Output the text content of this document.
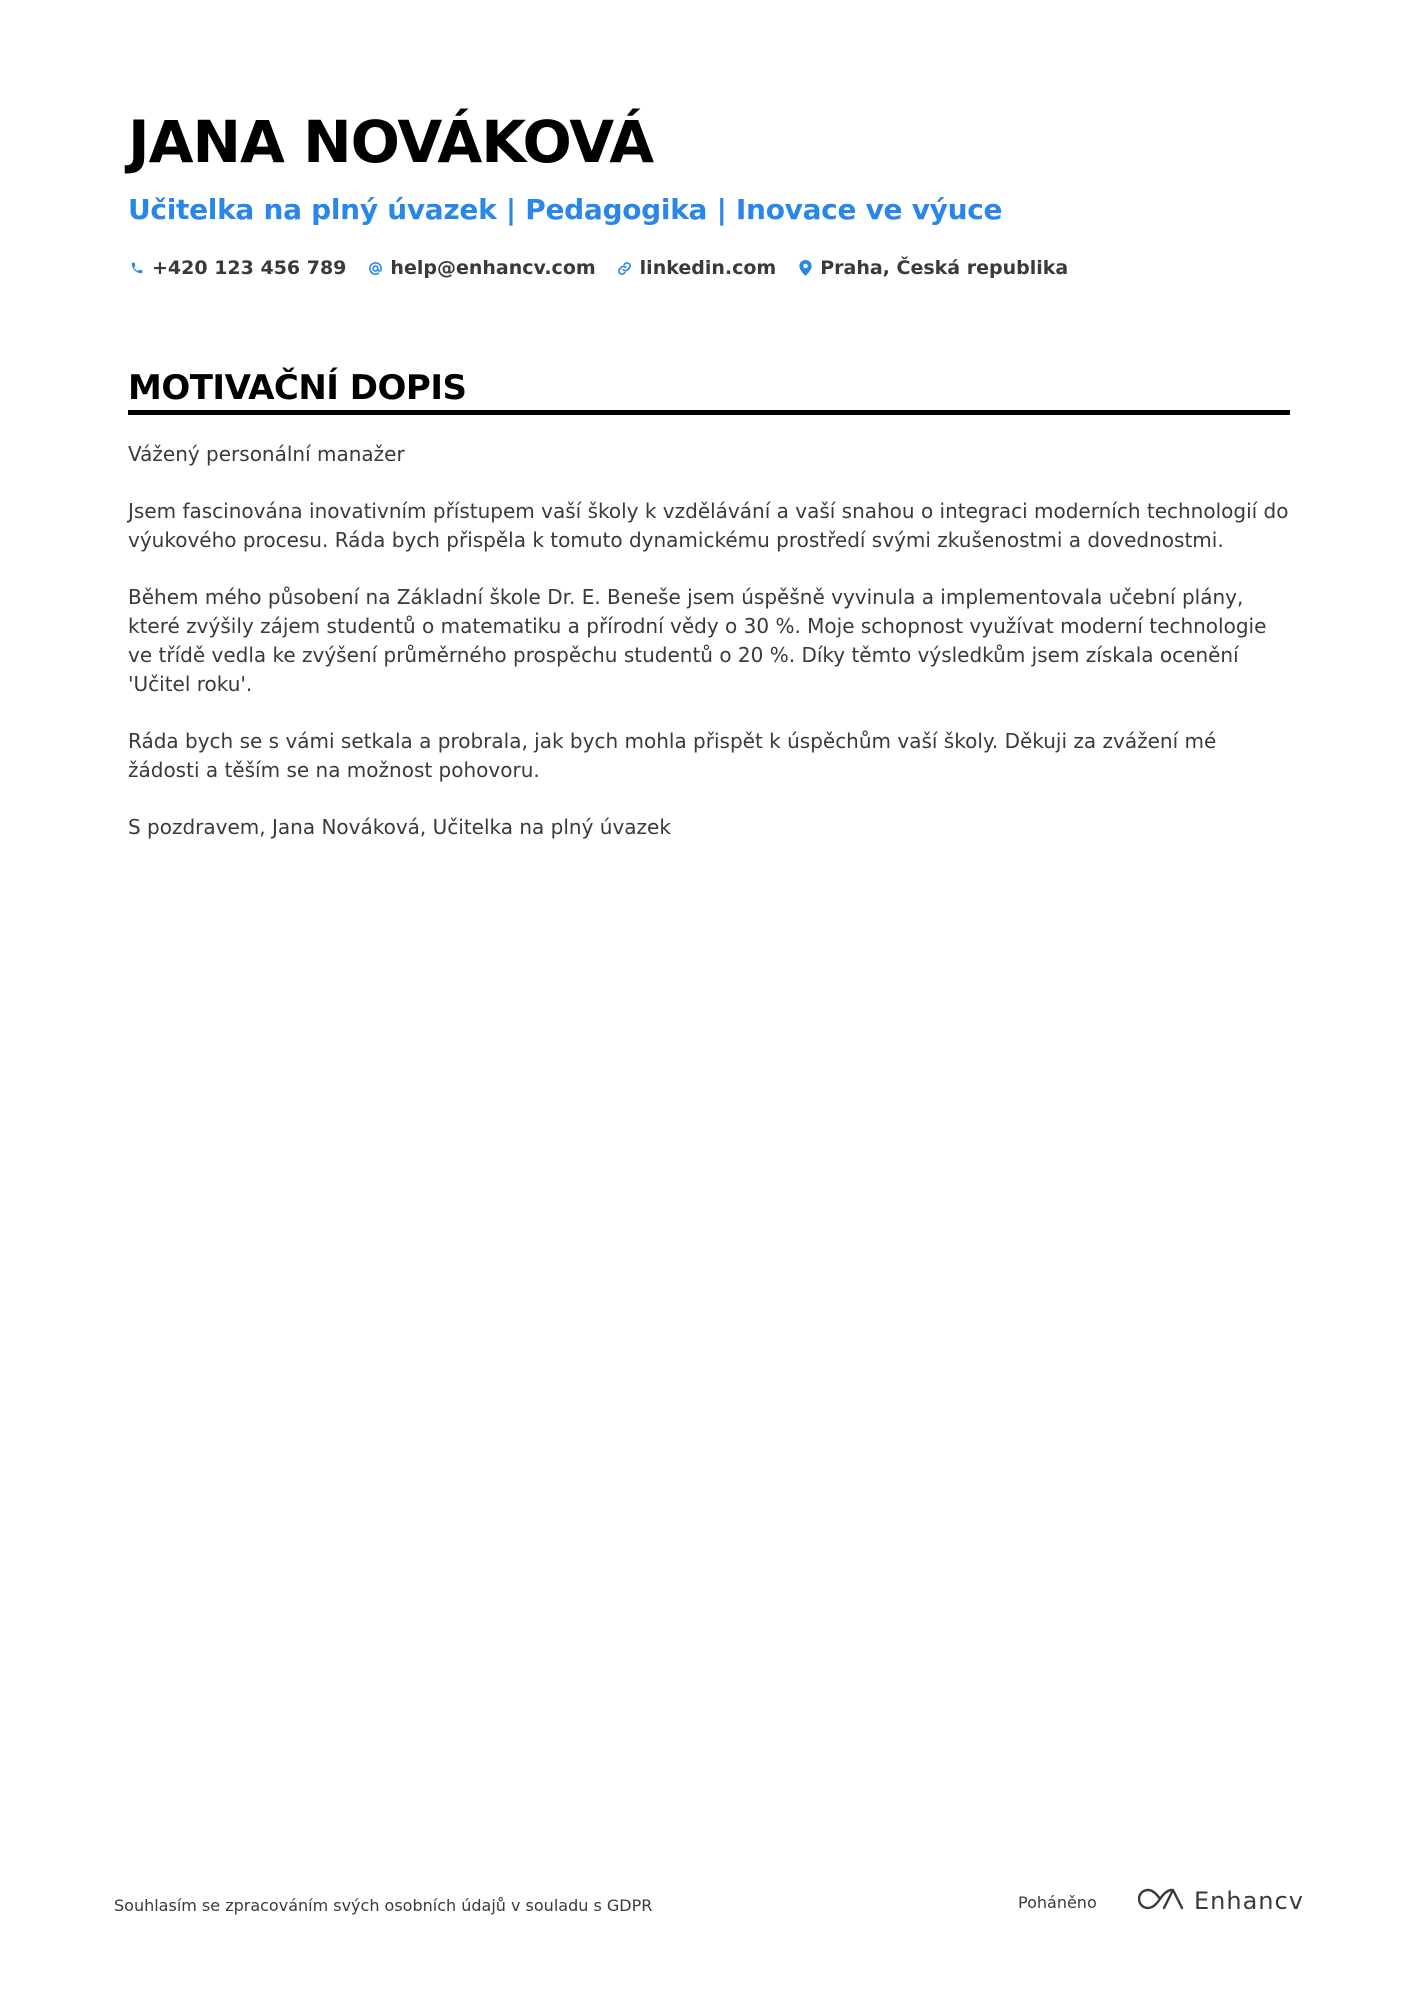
JANA NOVÁKOVÁ
Učitelka na plný úvazek | Pedagogika | Inovace ve výuce
+420 123 456 789 help@enhancv.com linkedin.com Praha, Česká republika
MOTIVAČNÍ DOPIS

Vážený personální manažer

Jsem fascinována inovativním přístupem vaší školy k vzdělávání a vaší snahou o integraci moderních technologií do výukového procesu. Ráda bych přispěla k tomuto dynamickému prostředí svými zkušenostmi a dovednostmi.

Během mého působení na Základní škole Dr. E. Beneše jsem úspěšně vyvinula a implementovala učební plány, které zvýšily zájem studentů o matematiku a přírodní vědy o 30 %. Moje schopnost využívat moderní technologie ve třídě vedla ke zvýšení průměrného prospěchu studentů o 20 %. Díky těmto výsledkům jsem získala ocenění 'Učitel roku'.

Ráda bych se s vámi setkala a probrala, jak bych mohla přispět k úspěchům vaší školy. Děkuji za zvážení mé žádosti a těším se na možnost pohovoru.

S pozdravem, Jana Nováková, Učitelka na plný úvazek

Souhlasím se zpracováním svých osobních údajů v souladu s GDPR	Poháněno	Enhancv
